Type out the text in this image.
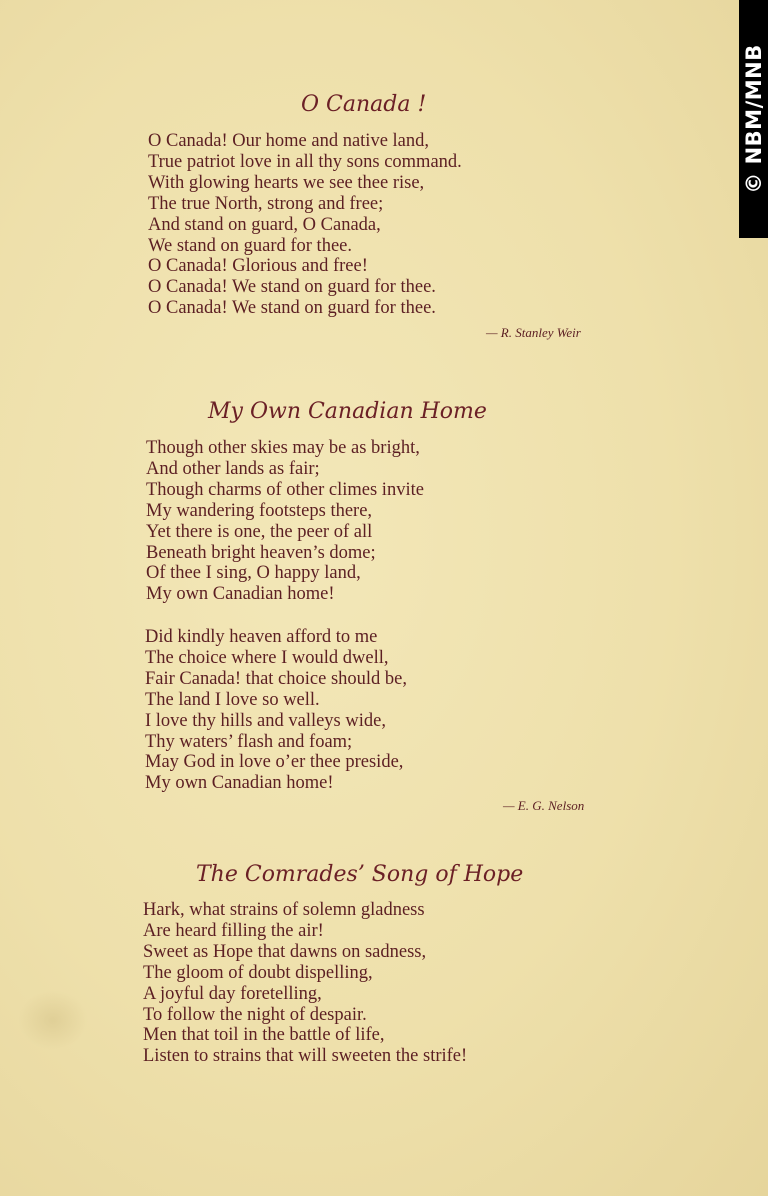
© NBM/MNB
O Canada !
O Canada! Our home and native land,
True patriot love in all thy sons command.
With glowing hearts we see thee rise,
The true North, strong and free;
And stand on guard, O Canada,
We stand on guard for thee.
O Canada! Glorious and free!
O Canada! We stand on guard for thee.
O Canada! We stand on guard for thee.

— R. Stanley Weir

My Own Canadian Home
Though other skies may be as bright,
And other lands as fair;
Though charms of other climes invite
My wandering footsteps there,
Yet there is one, the peer of all
Beneath bright heaven’s dome;
Of thee I sing, O happy land,
My own Canadian home!
Did kindly heaven afford to me
The choice where I would dwell,
Fair Canada! that choice should be,
The land I love so well.
I love thy hills and valleys wide,
Thy waters’ flash and foam;
May God in love o’er thee preside,
My own Canadian home!

— E. G. Nelson

The Comrades’ Song of Hope
Hark, what strains of solemn gladness
Are heard filling the air!
Sweet as Hope that dawns on sadness,
The gloom of doubt dispelling,
A joyful day foretelling,
To follow the night of despair.
Men that toil in the battle of life,
Listen to strains that will sweeten the strife!
